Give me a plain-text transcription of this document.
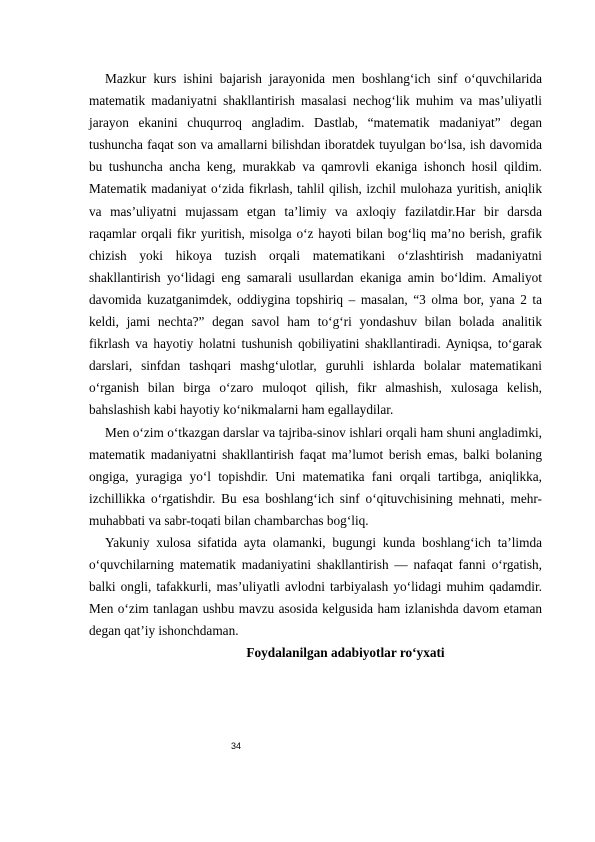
Mazkur kurs ishini bajarish jarayonida men boshlang‘ich sinf o‘quvchilarida matematik madaniyatni shakllantirish masalasi nechog‘lik muhim va mas’uliyatli jarayon ekanini chuqurroq angladim. Dastlab, “matematik madaniyat” degan tushuncha faqat son va amallarni bilishdan iboratdek tuyulgan bo‘lsa, ish davomida bu tushuncha ancha keng, murakkab va qamrovli ekaniga ishonch hosil qildim. Matematik madaniyat o‘zida fikrlash, tahlil qilish, izchil mulohaza yuritish, aniqlik va mas’uliyatni mujassam etgan ta’limiy va axloqiy fazilatdir.Har bir darsda raqamlar orqali fikr yuritish, misolga o‘z hayoti bilan bog‘liq ma’no berish, grafik chizish yoki hikoya tuzish orqali matematikani o‘zlashtirish madaniyatni shakllantirish yo‘lidagi eng samarali usullardan ekaniga amin bo‘ldim. Amaliyot davomida kuzatganimdek, oddiygina topshiriq – masalan, “3 olma bor, yana 2 ta keldi, jami nechta?” degan savol ham to‘g‘ri yondashuv bilan bolada analitik fikrlash va hayotiy holatni tushunish qobiliyatini shakllantiradi. Ayniqsa, to‘garak darslari, sinfdan tashqari mashg‘ulotlar, guruhli ishlarda bolalar matematikani o‘rganish bilan birga o‘zaro muloqot qilish, fikr almashish, xulosaga kelish, bahslashish kabi hayotiy ko‘nikmalarni ham egallaydilar.

Men o‘zim o‘tkazgan darslar va tajriba-sinov ishlari orqali ham shuni angladimki, matematik madaniyatni shakllantirish faqat ma’lumot berish emas, balki bolaning ongiga, yuragiga yo‘l topishdir. Uni matematika fani orqali tartibga, aniqlikka, izchillikka o‘rgatishdir. Bu esa boshlang‘ich sinf o‘qituvchisining mehnati, mehr-muhabbati va sabr-toqati bilan chambarchas bog‘liq.

Yakuniy xulosa sifatida ayta olamanki, bugungi kunda boshlang‘ich ta’limda o‘quvchilarning matematik madaniyatini shakllantirish — nafaqat fanni o‘rgatish, balki ongli, tafakkurli, mas’uliyatli avlodni tarbiyalash yo‘lidagi muhim qadamdir. Men o‘zim tanlagan ushbu mavzu asosida kelgusida ham izlanishda davom etaman degan qat’iy ishonchdaman.

Foydalanilgan adabiyotlar ro‘yxati

34
